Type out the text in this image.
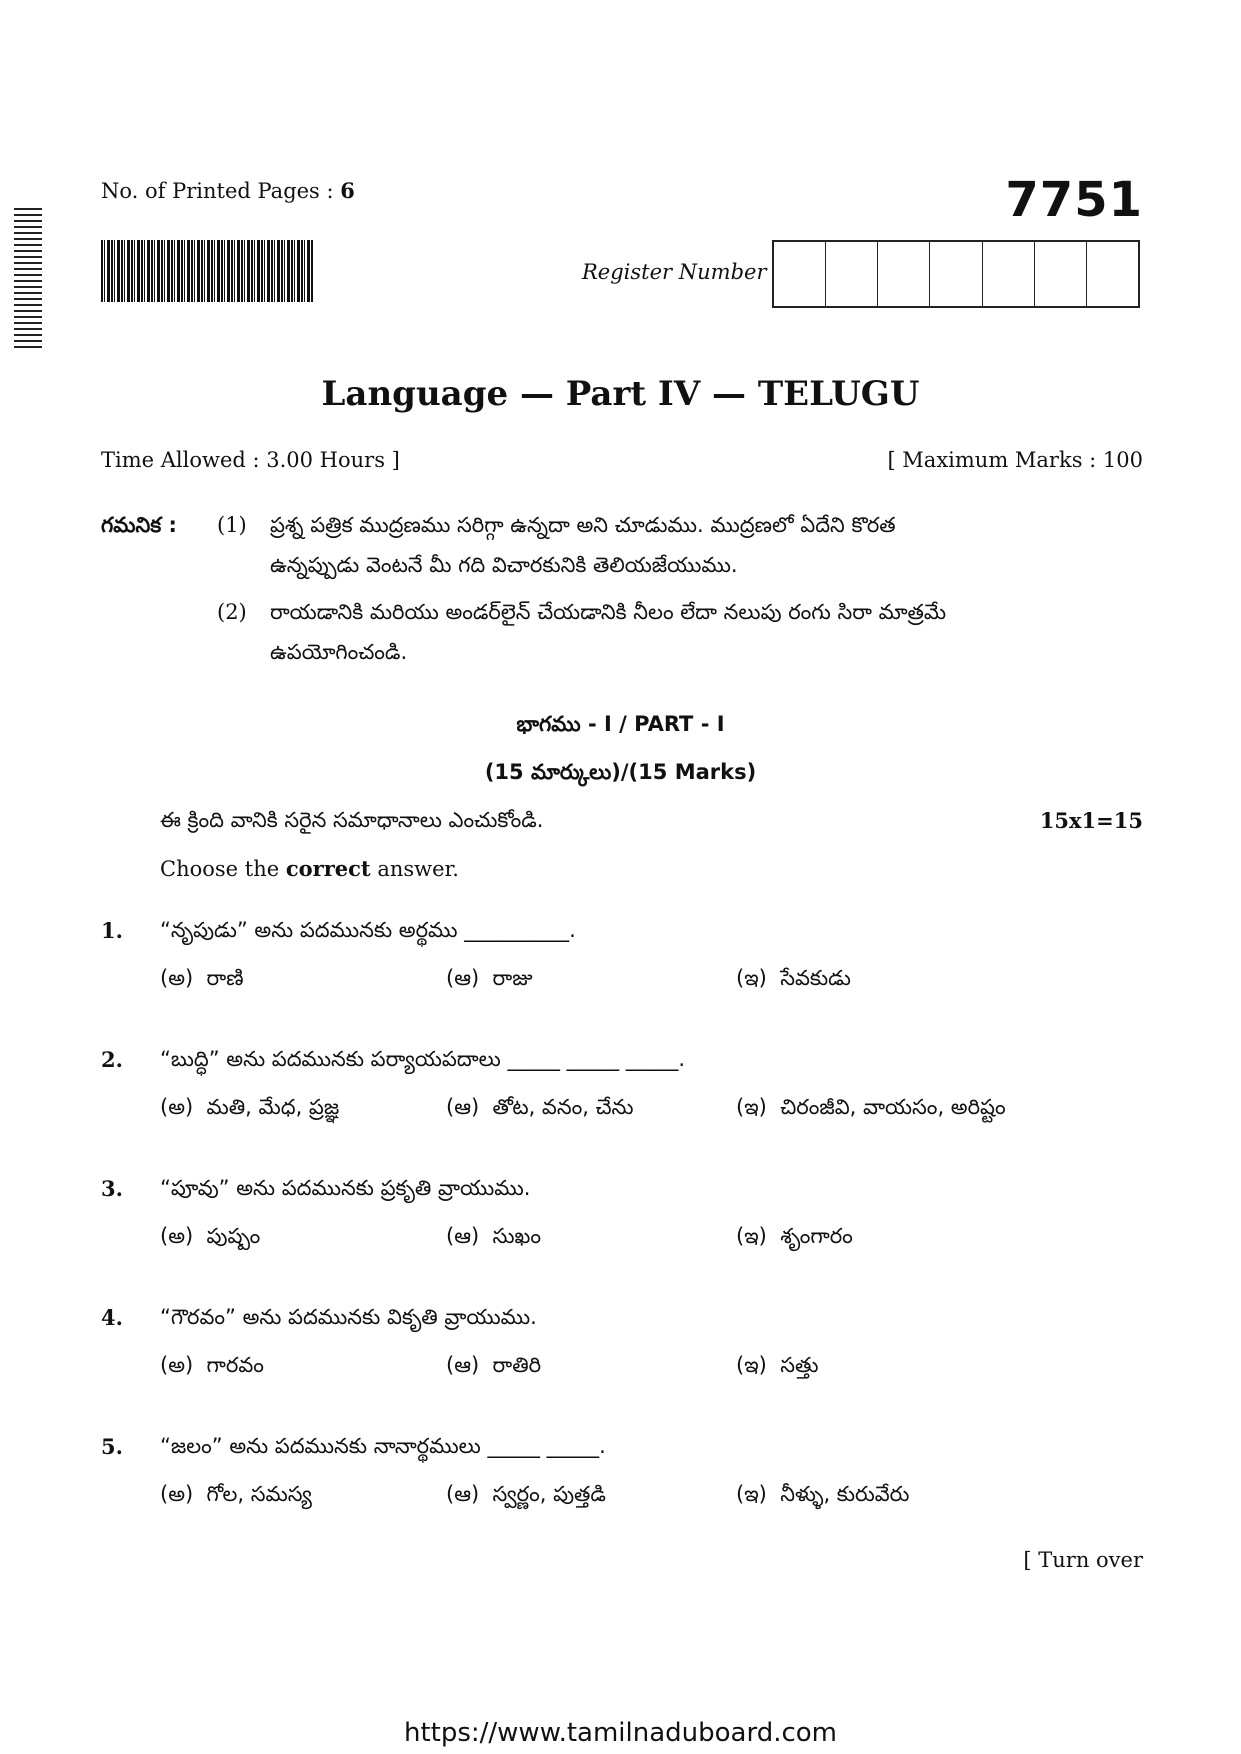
No. of Printed Pages : 6	7751
Register Number
Language — Part IV — TELUGU
Time Allowed : 3.00 Hours ]	[ Maximum Marks : 100
గమనిక : (1) ప్రశ్న పత్రిక ముద్రణము సరిగ్గా ఉన్నదా అని చూడుము. ముద్రణలో ఏదేని కొరత
ఉన్నప్పుడు వెంటనే మీ గది విచారకునికి తెలియజేయుము.
(2) రాయడానికి మరియు అండర్‌లైన్ చేయడానికి నీలం లేదా నలుపు రంగు సిరా మాత్రమే
ఉపయోగించండి.
భాగము - I / PART - I
(15 మార్కులు)/(15 Marks)
ఈ క్రింది వానికి సరైన సమాధానాలు ఎంచుకోండి.	15x1=15
Choose the correct answer.
1. “నృపుడు” అను పదమునకు అర్థము __________.
(అ) రాణి	(ఆ) రాజు	(ఇ) సేవకుడు
2. “బుద్ధి” అను పదమునకు పర్యాయపదాలు _____ _____ _____.
(అ) మతి, మేధ, ప్రజ్ఞ	(ఆ) తోట, వనం, చేను	(ఇ) చిరంజీవి, వాయసం, అరిష్టం
3. “పూవు” అను పదమునకు ప్రకృతి వ్రాయుము.
(అ) పుష్పం	(ఆ) సుఖం	(ఇ) శృంగారం
4. “గౌరవం” అను పదమునకు వికృతి వ్రాయుము.
(అ) గారవం	(ఆ) రాతిరి	(ఇ) సత్తు
5. “జలం” అను పదమునకు నానార్థములు _____ _____.
(అ) గోల, సమస్య	(ఆ) స్వర్ణం, పుత్తడి	(ఇ) నీళ్ళు, కురువేరు
[ Turn over
https://www.tamilnaduboard.com
